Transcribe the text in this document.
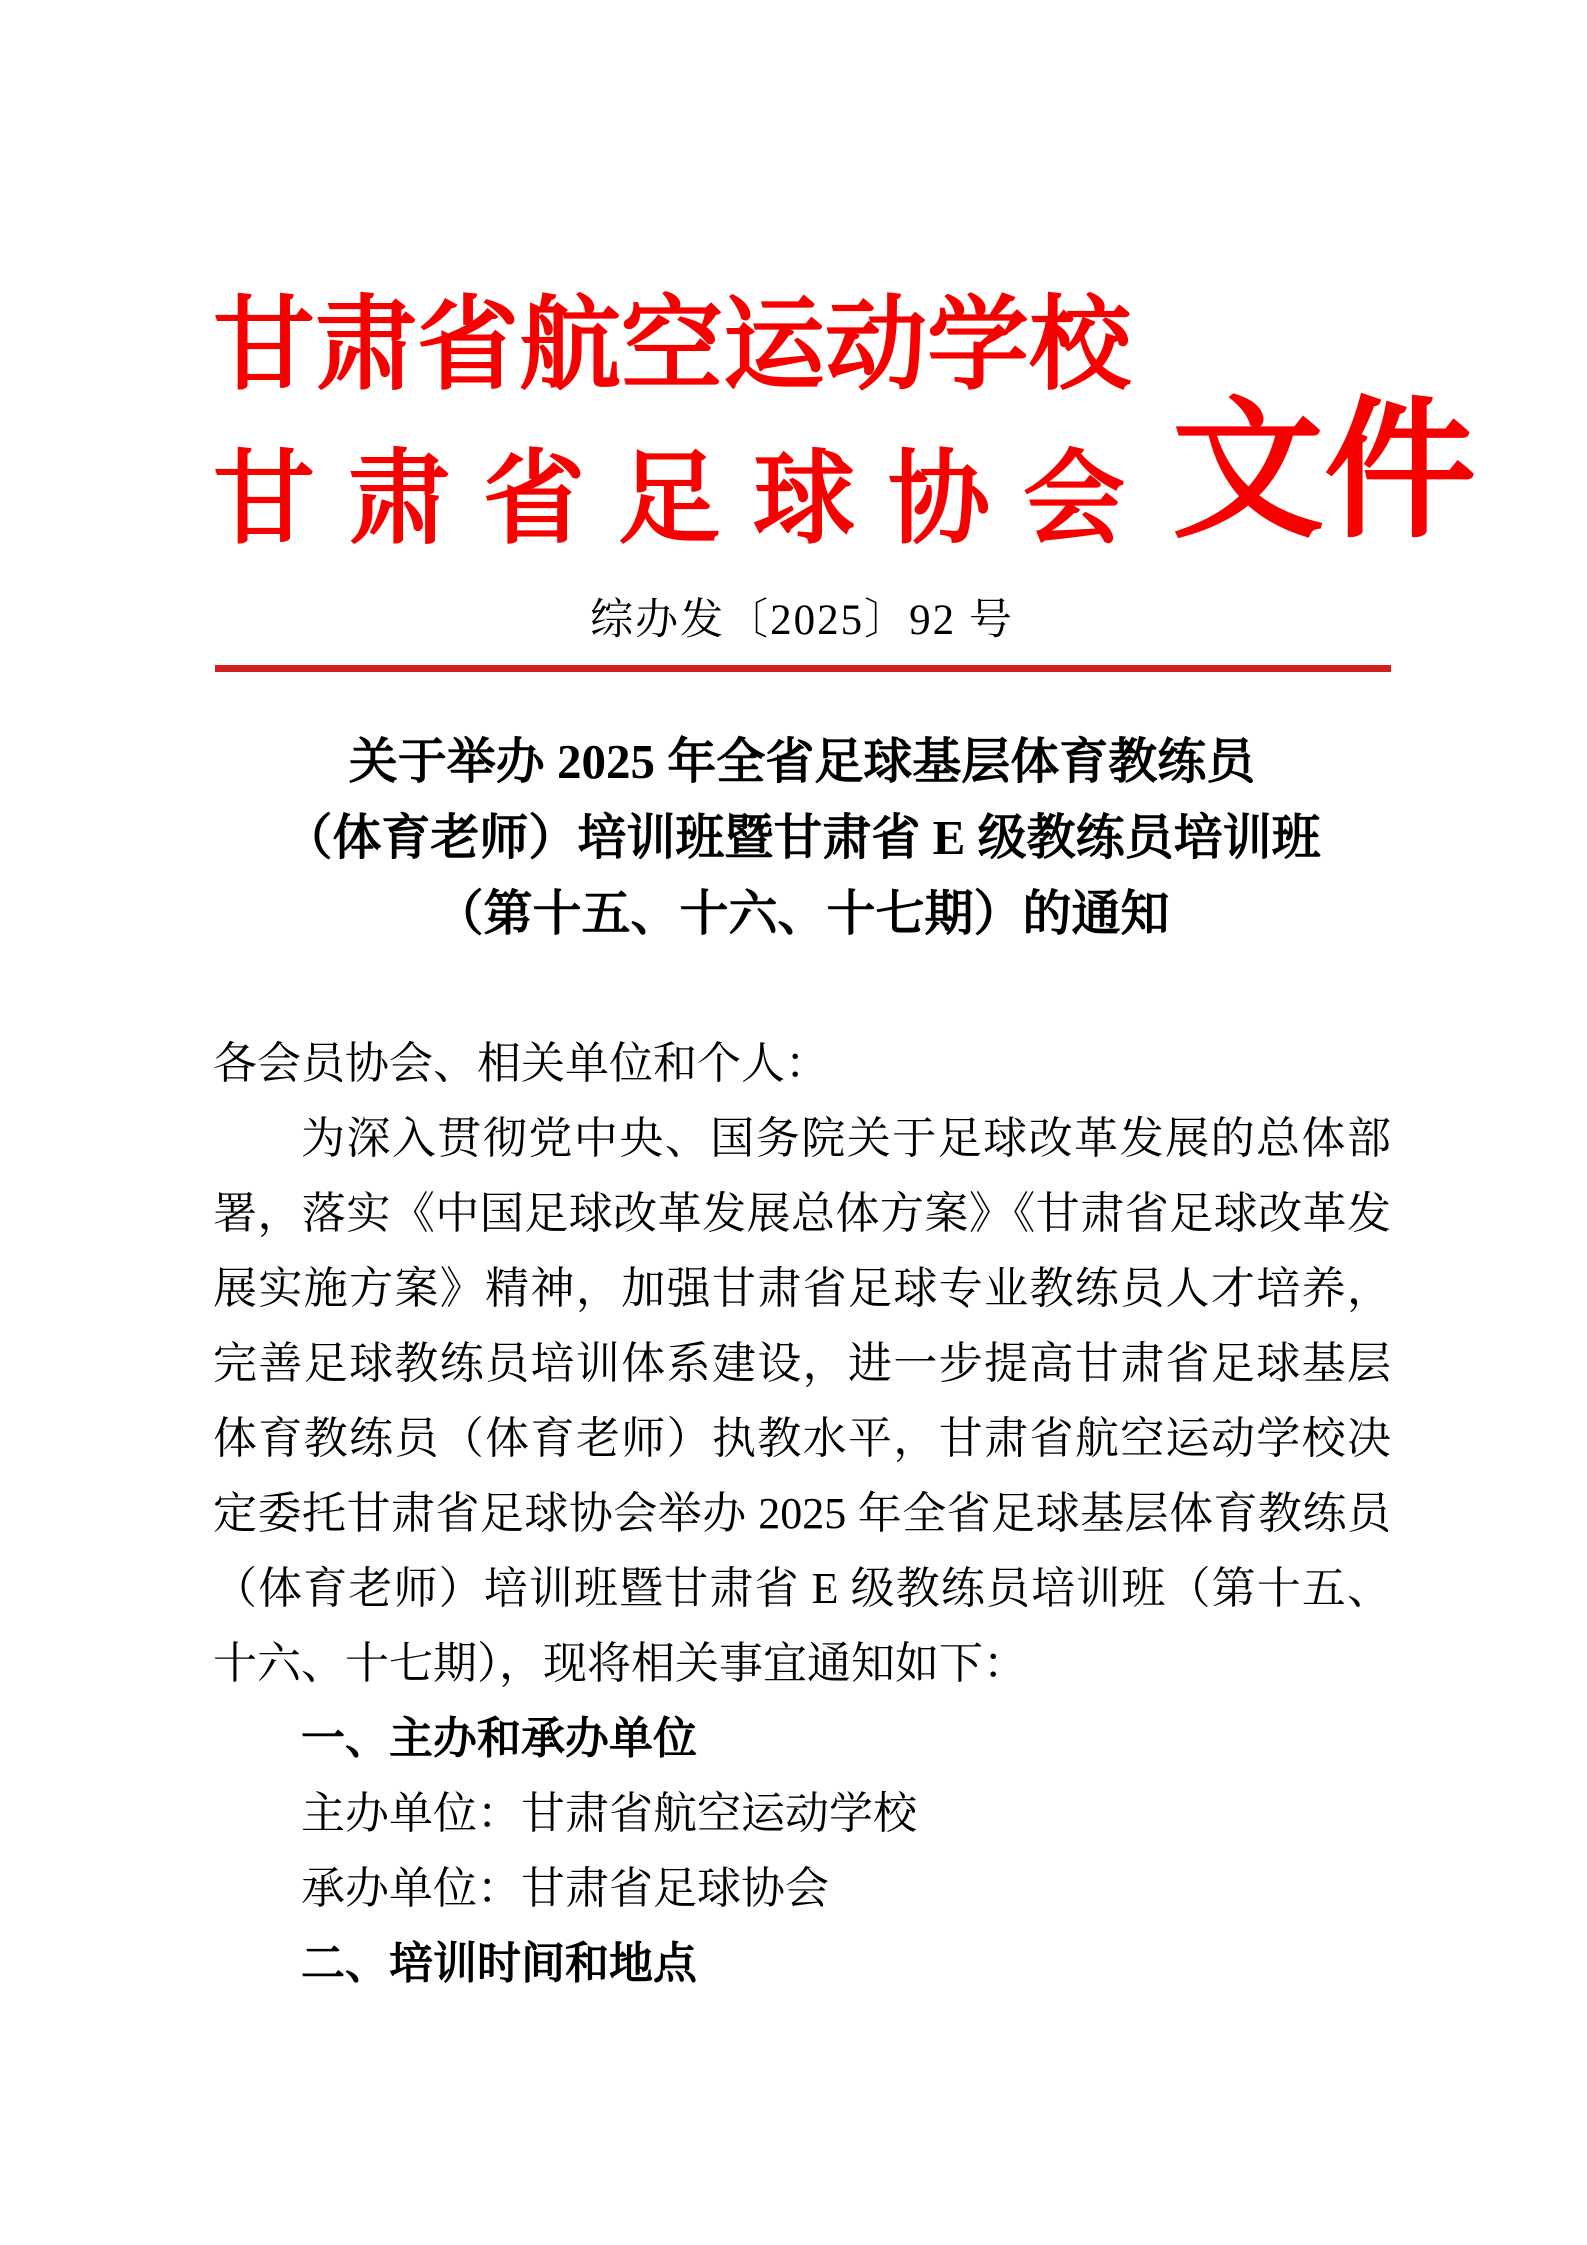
甘肃省航空运动学校
甘肃省足球协会 文件
综办发〔2025〕92 号
关于举办 2025 年全省足球基层体育教练员
（体育老师）培训班暨甘肃省 E 级教练员培训班
（第十五、十六、十七期）的通知
各会员协会、相关单位和个人：
为深入贯彻党中央、国务院关于足球改革发展的总体部署，落实《中国足球改革发展总体方案》《甘肃省足球改革发展实施方案》精神，加强甘肃省足球专业教练员人才培养，完善足球教练员培训体系建设，进一步提高甘肃省足球基层体育教练员（体育老师）执教水平，甘肃省航空运动学校决定委托甘肃省足球协会举办 2025 年全省足球基层体育教练员（体育老师）培训班暨甘肃省 E 级教练员培训班（第十五、十六、十七期），现将相关事宜通知如下：
一、主办和承办单位
主办单位：甘肃省航空运动学校
承办单位：甘肃省足球协会
二、培训时间和地点
